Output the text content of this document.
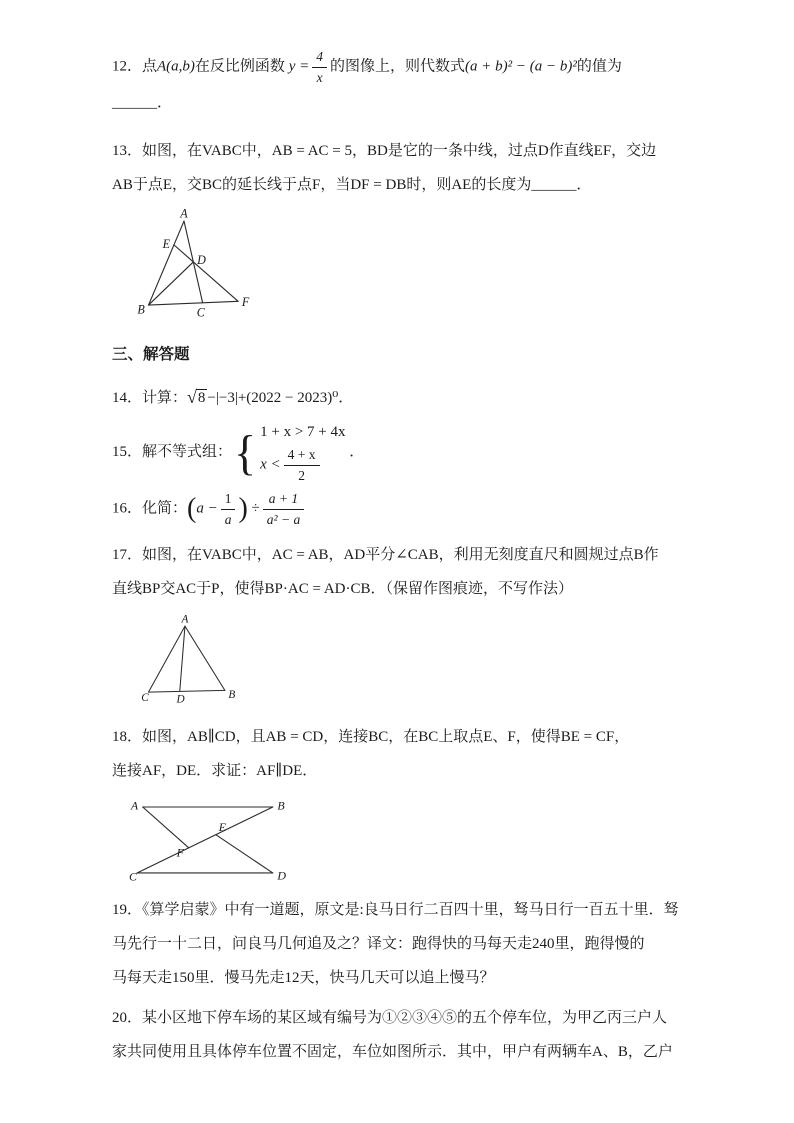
12．点A(a,b)在反比例函数 $y = \frac{4}{x}$ 的图像上，则代数式(a + b)² − (a − b)²的值为
______．
13．如图，在VABC中，AB = AC = 5，BD是它的一条中线，过点D作直线EF，交边
AB于点E，交BC的延长线于点F，当DF = DB时，则AE的长度为______．
A
E
D
B	C
F
三、解答题
14．计算：√8 −|−3|+(2022 − 2023)⁰．
15．解不等式组： { 1 + x > 7 + 4x
$x < \frac{4 + x}{2}$ ．
16．化简：($a - \frac{1}{a}$ ) ÷ $\frac{a + 1}{\text{a² − a}}$
17．如图，在VABC中，AC = AB，AD平分∠CAB，利用无刻度直尺和圆规过点B作
直线BP交AC于P，使得BP·AC = AD·CB．（保留作图痕迹，不写作法）
A
C D	B
18．如图，AB∥CD，且AB = CD，连接BC，在BC上取点E、F，使得BE = CF，
连接AF，DE．求证：AF∥DE．
A	B
E
F
C	D
19．《算学启蒙》中有一道题，原文是:良马日行二百四十里，驽马日行一百五十里．驽
马先行一十二日，问良马几何追及之？译文：跑得快的马每天走240里，跑得慢的
马每天走150里．慢马先走12天，快马几天可以追上慢马？
20．某小区地下停车场的某区域有编号为①②③④⑤的五个停车位，为甲乙丙三户人
家共同使用且具体停车位置不固定，车位如图所示．其中，甲户有两辆车A、B，乙户
